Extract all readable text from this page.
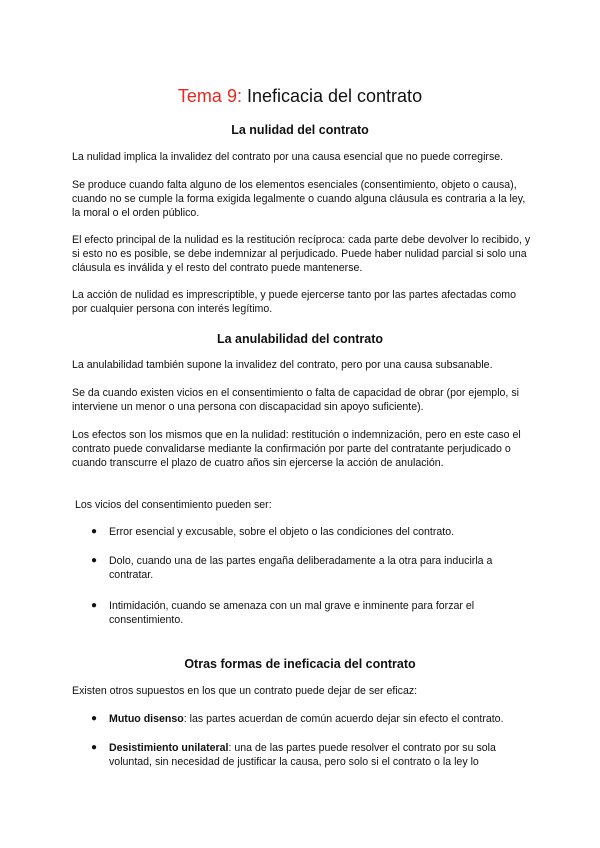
Tema 9: Ineficacia del contrato
La nulidad del contrato
La nulidad implica la invalidez del contrato por una causa esencial que no puede corregirse.
Se produce cuando falta alguno de los elementos esenciales (consentimiento, objeto o causa), cuando no se cumple la forma exigida legalmente o cuando alguna cláusula es contraria a la ley, la moral o el orden público.
El efecto principal de la nulidad es la restitución recíproca: cada parte debe devolver lo recibido, y si esto no es posible, se debe indemnizar al perjudicado. Puede haber nulidad parcial si solo una cláusula es inválida y el resto del contrato puede mantenerse.
La acción de nulidad es imprescriptible, y puede ejercerse tanto por las partes afectadas como por cualquier persona con interés legítimo.
La anulabilidad del contrato
La anulabilidad también supone la invalidez del contrato, pero por una causa subsanable.
Se da cuando existen vicios en el consentimiento o falta de capacidad de obrar (por ejemplo, si interviene un menor o una persona con discapacidad sin apoyo suficiente).
Los efectos son los mismos que en la nulidad: restitución o indemnización, pero en este caso el contrato puede convalidarse mediante la confirmación por parte del contratante perjudicado o cuando transcurre el plazo de cuatro años sin ejercerse la acción de anulación.
Los vicios del consentimiento pueden ser:
●	Error esencial y excusable, sobre el objeto o las condiciones del contrato.
●	Dolo, cuando una de las partes engaña deliberadamente a la otra para inducirla a contratar.
●	Intimidación, cuando se amenaza con un mal grave e inminente para forzar el consentimiento.
Otras formas de ineficacia del contrato
Existen otros supuestos en los que un contrato puede dejar de ser eficaz:
●	Mutuo disenso: las partes acuerdan de común acuerdo dejar sin efecto el contrato.
●	Desistimiento unilateral: una de las partes puede resolver el contrato por su sola voluntad, sin necesidad de justificar la causa, pero solo si el contrato o la ley lo
